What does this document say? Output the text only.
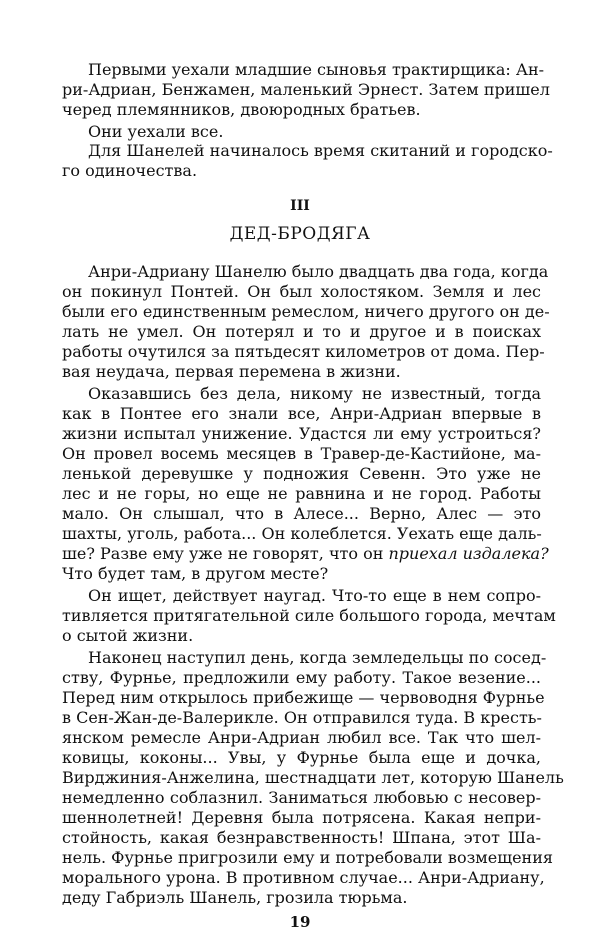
Первыми уехали младшие сыновья трактирщика: Ан-
ри-Адриан, Бенжамен, маленький Эрнест. Затем пришел
черед племянников, двоюродных братьев.
Они уехали все.
Для Шанелей начиналось время скитаний и городско-
го одиночества.
III
ДЕД-БРОДЯГА
Анри-Адриану Шанелю было двадцать два года, когда
он покинул Понтей. Он был холостяком. Земля и лес
были его единственным ремеслом, ничего другого он де-
лать не умел. Он потерял и то и другое и в поисках
работы очутился за пятьдесят километров от дома. Пер-
вая неудача, первая перемена в жизни.
Оказавшись без дела, никому не известный, тогда
как в Понтее его знали все, Анри-Адриан впервые в
жизни испытал унижение. Удастся ли ему устроиться?
Он провел восемь месяцев в Травер-де-Кастийоне, ма-
ленькой деревушке у подножия Севенн. Это уже не
лес и не горы, но еще не равнина и не город. Работы
мало. Он слышал, что в Алесе... Верно, Алес — это
шахты, уголь, работа... Он колеблется. Уехать еще даль-
ше? Разве ему уже не говорят, что он приехал издалека?
Что будет там, в другом месте?
Он ищет, действует наугад. Что-то еще в нем сопро-
тивляется притягательной силе большого города, мечтам
о сытой жизни.
Наконец наступил день, когда земледельцы по сосед-
ству, Фурнье, предложили ему работу. Такое везение...
Перед ним открылось прибежище — червоводня Фурнье
в Сен-Жан-де-Валерикле. Он отправился туда. В кресть-
янском ремесле Анри-Адриан любил все. Так что шел-
ковицы, коконы... Увы, у Фурнье была еще и дочка,
Вирджиния-Анжелина, шестнадцати лет, которую Шанель
немедленно соблазнил. Заниматься любовью с несовер-
шеннолетней! Деревня была потрясена. Какая непри-
стойность, какая безнравственность! Шпана, этот Ша-
нель. Фурнье пригрозили ему и потребовали возмещения
морального урона. В противном случае... Анри-Адриану,
деду Габриэль Шанель, грозила тюрьма.
19
